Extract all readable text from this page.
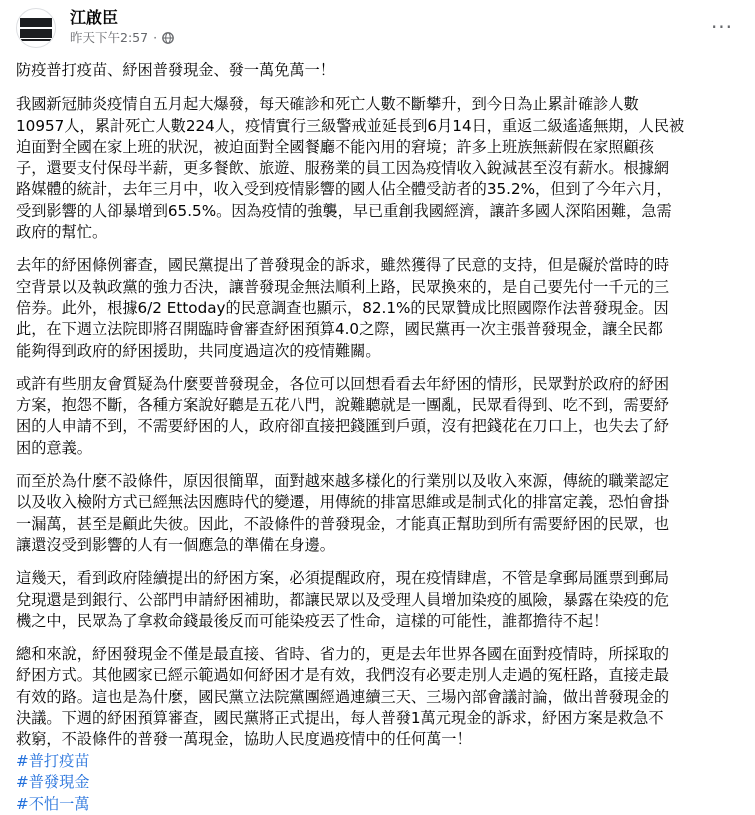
江啟臣
昨天下午2:57 ·	···

防疫普打疫苗、紓困普發現金、發一萬免萬一！

我國新冠肺炎疫情自五月起大爆發，每天確診和死亡人數不斷攀升，到今日為止累計確診人數
10957人，累計死亡人數224人，疫情實行三級警戒並延長到6月14日，重返二級遙遙無期，人民被
迫面對全國在家上班的狀況，被迫面對全國餐廳不能內用的窘境；許多上班族無薪假在家照顧孩
子，還要支付保母半薪，更多餐飲、旅遊、服務業的員工因為疫情收入銳減甚至沒有薪水。根據網
路媒體的統計，去年三月中，收入受到疫情影響的國人佔全體受訪者的35.2%，但到了今年六月，
受到影響的人卻暴增到65.5%。因為疫情的強襲，早已重創我國經濟，讓許多國人深陷困難，急需
政府的幫忙。

去年的紓困條例審查，國民黨提出了普發現金的訴求，雖然獲得了民意的支持，但是礙於當時的時
空背景以及執政黨的強力否決，讓普發現金無法順利上路，民眾換來的，是自己要先付一千元的三
倍券。此外，根據6/2 Ettoday的民意調查也顯示，82.1%的民眾贊成比照國際作法普發現金。因
此，在下週立法院即將召開臨時會審查紓困預算4.0之際，國民黨再一次主張普發現金，讓全民都
能夠得到政府的紓困援助，共同度過這次的疫情難關。

或許有些朋友會質疑為什麼要普發現金，各位可以回想看看去年紓困的情形，民眾對於政府的紓困
方案，抱怨不斷，各種方案說好聽是五花八門，說難聽就是一團亂，民眾看得到、吃不到，需要紓
困的人申請不到，不需要紓困的人，政府卻直接把錢匯到戶頭，沒有把錢花在刀口上，也失去了紓
困的意義。

而至於為什麼不設條件，原因很簡單，面對越來越多樣化的行業別以及收入來源，傳統的職業認定
以及收入檢附方式已經無法因應時代的變遷，用傳統的排富思維或是制式化的排富定義，恐怕會掛
一漏萬，甚至是顧此失彼。因此，不設條件的普發現金，才能真正幫助到所有需要紓困的民眾，也
讓還沒受到影響的人有一個應急的準備在身邊。

這幾天，看到政府陸續提出的紓困方案，必須提醒政府，現在疫情肆虐，不管是拿郵局匯票到郵局
兌現還是到銀行、公部門申請紓困補助，都讓民眾以及受理人員增加染疫的風險，暴露在染疫的危
機之中，民眾為了拿救命錢最後反而可能染疫丟了性命，這樣的可能性，誰都擔待不起！

總和來說，紓困發現金不僅是最直接、省時、省力的，更是去年世界各國在面對疫情時，所採取的
紓困方式。其他國家已經示範過如何紓困才是有效，我們沒有必要走別人走過的冤枉路，直接走最
有效的路。這也是為什麼，國民黨立法院黨團經過連續三天、三場內部會議討論，做出普發現金的
決議。下週的紓困預算審查，國民黨將正式提出，每人普發1萬元現金的訴求，紓困方案是救急不
救窮，不設條件的普發一萬現金，協助人民度過疫情中的任何萬一！

#普打疫苗
#普發現金
#不怕一萬
